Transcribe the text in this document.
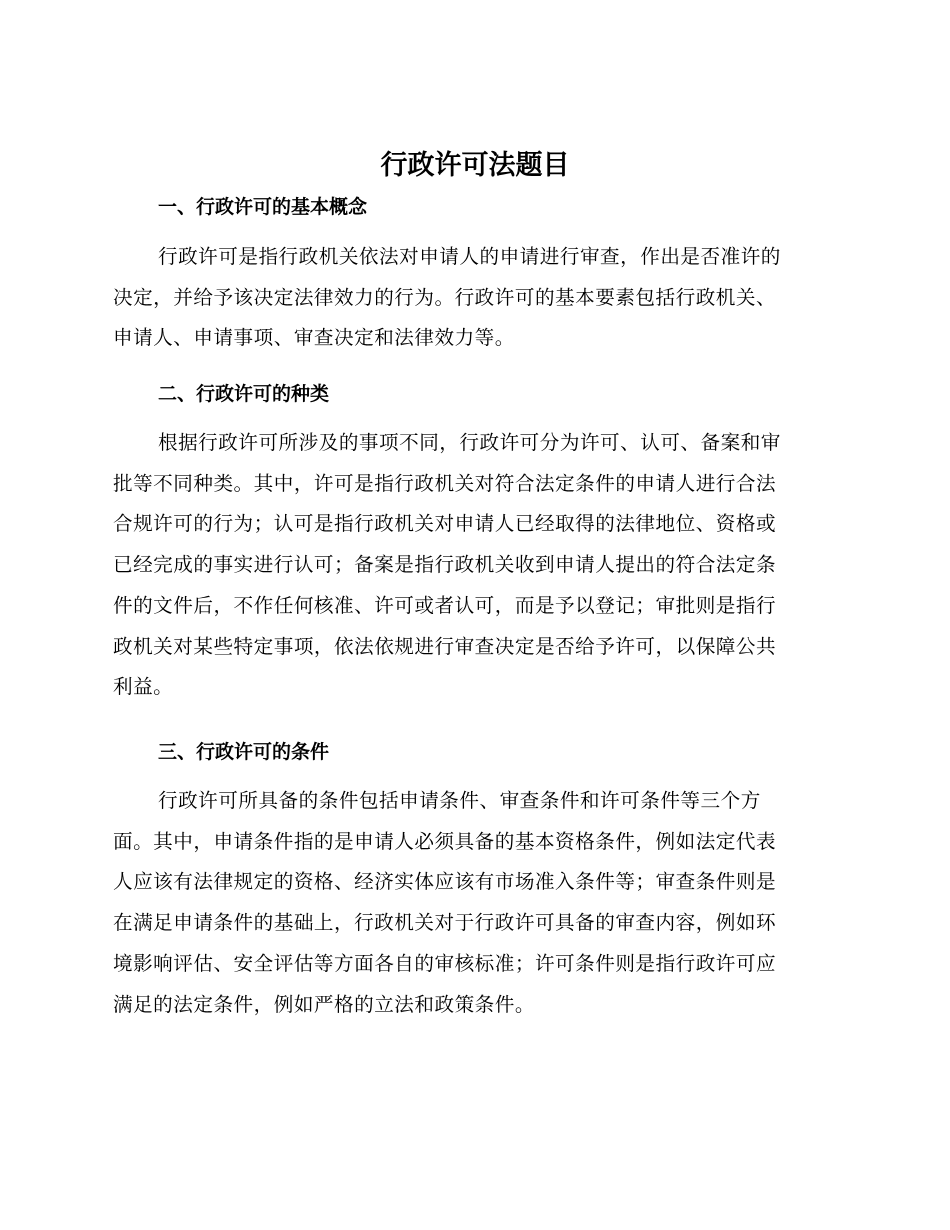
行政许可法题目
一、行政许可的基本概念

行政许可是指行政机关依法对申请人的申请进行审查，作出是否准许的
决定，并给予该决定法律效力的行为。行政许可的基本要素包括行政机关、
申请人、申请事项、审查决定和法律效力等。

二、行政许可的种类

根据行政许可所涉及的事项不同，行政许可分为许可、认可、备案和审
批等不同种类。其中，许可是指行政机关对符合法定条件的申请人进行合法
合规许可的行为；认可是指行政机关对申请人已经取得的法律地位、资格或
已经完成的事实进行认可；备案是指行政机关收到申请人提出的符合法定条
件的文件后，不作任何核准、许可或者认可，而是予以登记；审批则是指行
政机关对某些特定事项，依法依规进行审查决定是否给予许可，以保障公共
利益。

三、行政许可的条件

行政许可所具备的条件包括申请条件、审查条件和许可条件等三个方
面。其中，申请条件指的是申请人必须具备的基本资格条件，例如法定代表
人应该有法律规定的资格、经济实体应该有市场准入条件等；审查条件则是
在满足申请条件的基础上，行政机关对于行政许可具备的审查内容，例如环
境影响评估、安全评估等方面各自的审核标准；许可条件则是指行政许可应
满足的法定条件，例如严格的立法和政策条件。
